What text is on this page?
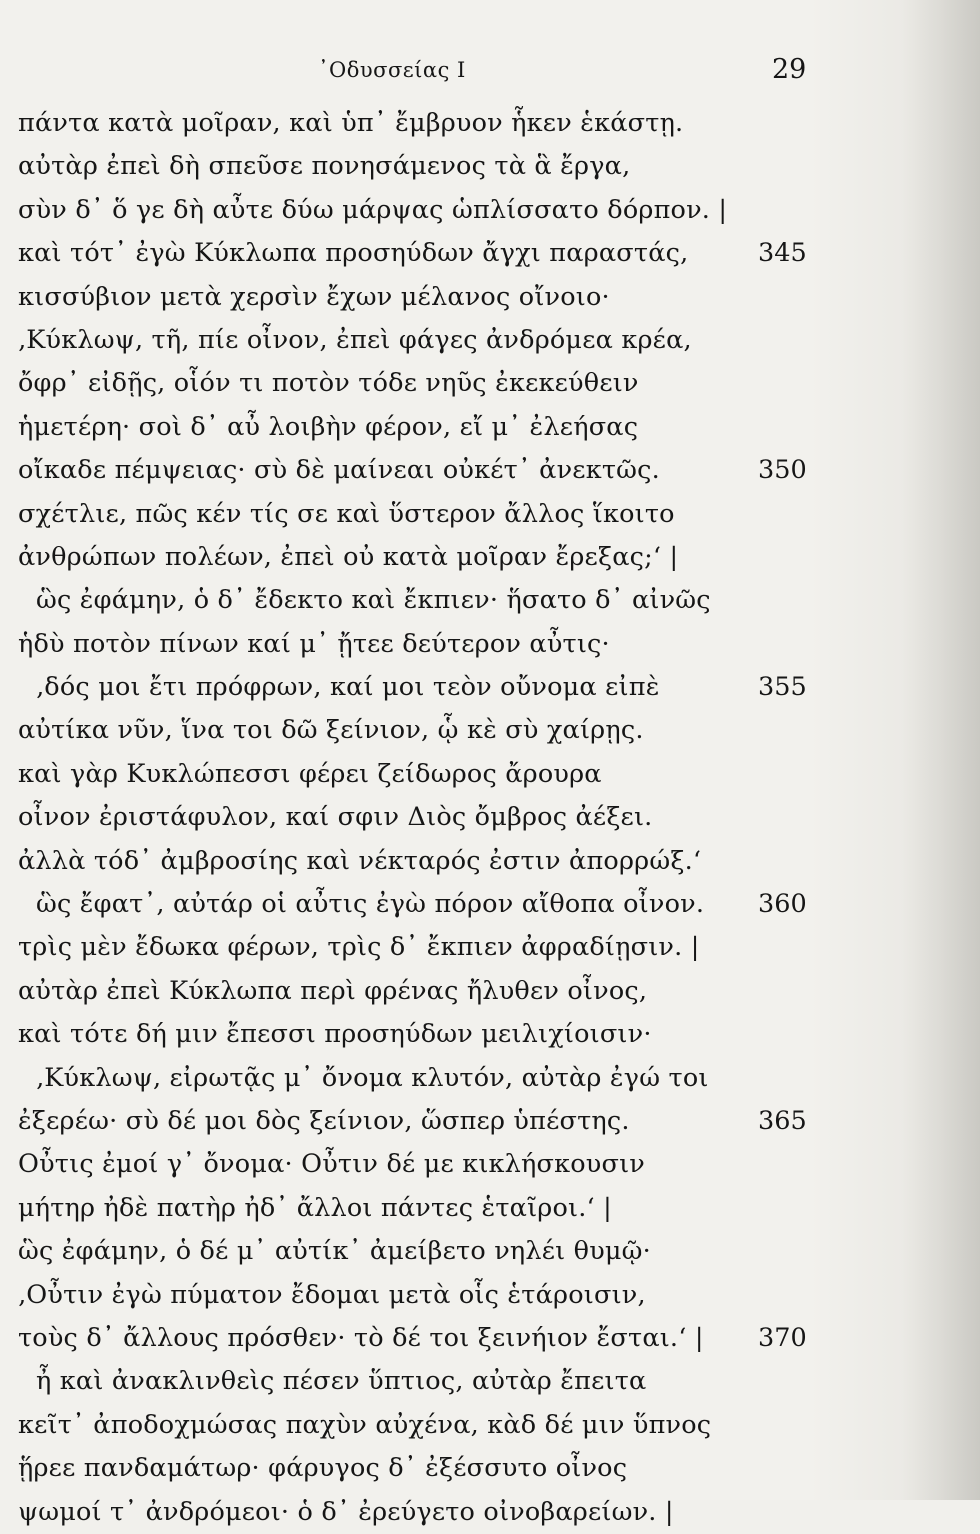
᾿Οδυσσείας Ι	29
πάντα κατὰ μοῖραν, καὶ ὑπ᾿ ἔμβρυον ἧκεν ἑκάστῃ.
αὐτὰρ ἐπεὶ δὴ σπεῦσε πονησάμενος τὰ ἃ ἔργα,
σὺν δ᾿ ὅ γε δὴ αὖτε δύω μάρψας ὡπλίσσατο δόρπον. |
καὶ τότ᾿ ἐγὼ Κύκλωπα προσηύδων ἄγχι παραστάς,	345
κισσύβιον μετὰ χερσὶν ἔχων μέλανος οἴνοιο·
‚Κύκλωψ, τῆ, πίε οἶνον, ἐπεὶ φάγες ἀνδρόμεα κρέα,
ὄφρ᾿ εἰδῇς, οἷόν τι ποτὸν τόδε νηῦς ἐκεκεύθειν
ἡμετέρη· σοὶ δ᾿ αὖ λοιβὴν φέρον, εἴ μ᾿ ἐλεήσας
οἴκαδε πέμψειας· σὺ δὲ μαίνεαι οὐκέτ᾿ ἀνεκτῶς.	350
σχέτλιε, πῶς κέν τίς σε καὶ ὕστερον ἄλλος ἵκοιτο
ἀνθρώπων πολέων, ἐπεὶ οὐ κατὰ μοῖραν ἔρεξας;‘ |
ὣς ἐφάμην, ὁ δ᾿ ἔδεκτο καὶ ἔκπιεν· ἥσατο δ᾿ αἰνῶς
ἡδὺ ποτὸν πίνων καί μ᾿ ᾔτεε δεύτερον αὖτις·
‚δός μοι ἔτι πρόφρων, καί μοι τεὸν οὔνομα εἰπὲ	355
αὐτίκα νῦν, ἵνα τοι δῶ ξείνιον, ᾧ κὲ σὺ χαίρῃς.
καὶ γὰρ Κυκλώπεσσι φέρει ζείδωρος ἄρουρα
οἶνον ἐριστάφυλον, καί σφιν Διὸς ὄμβρος ἀέξει.
ἀλλὰ τόδ᾿ ἀμβροσίης καὶ νέκταρός ἐστιν ἀπορρώξ.‘
ὣς ἔφατ᾿, αὐτάρ οἱ αὖτις ἐγὼ πόρον αἴθοπα οἶνον. 360
τρὶς μὲν ἔδωκα φέρων, τρὶς δ᾿ ἔκπιεν ἀφραδίῃσιν. |
αὐτὰρ ἐπεὶ Κύκλωπα περὶ φρένας ἤλυθεν οἶνος,
καὶ τότε δή μιν ἔπεσσι προσηύδων μειλιχίοισιν·
‚Κύκλωψ, εἰρωτᾷς μ᾿ ὄνομα κλυτόν, αὐτὰρ ἐγώ τοι
ἐξερέω· σὺ δέ μοι δὸς ξείνιον, ὥσπερ ὑπέστης.	365
Οὖτις ἐμοί γ᾿ ὄνομα· Οὖτιν δέ με κικλήσκουσιν
μήτηρ ἠδὲ πατὴρ ἠδ᾿ ἄλλοι πάντες ἑταῖροι.‘ |
ὣς ἐφάμην, ὁ δέ μ᾿ αὐτίκ᾿ ἀμείβετο νηλέι θυμῷ·
‚Οὖτιν ἐγὼ πύματον ἔδομαι μετὰ οἷς ἑτάροισιν,
τοὺς δ᾿ ἄλλους πρόσθεν· τὸ δέ τοι ξεινήιον ἔσται.‘ | 370
ἦ καὶ ἀνακλινθεὶς πέσεν ὕπτιος, αὐτὰρ ἔπειτα
κεῖτ᾿ ἀποδοχμώσας παχὺν αὐχένα, κὰδ δέ μιν ὕπνος
ᾕρεε πανδαμάτωρ· φάρυγος δ᾿ ἐξέσσυτο οἶνος
ψωμοί τ᾿ ἀνδρόμεοι· ὁ δ᾿ ἐρεύγετο οἰνοβαρείων. |
